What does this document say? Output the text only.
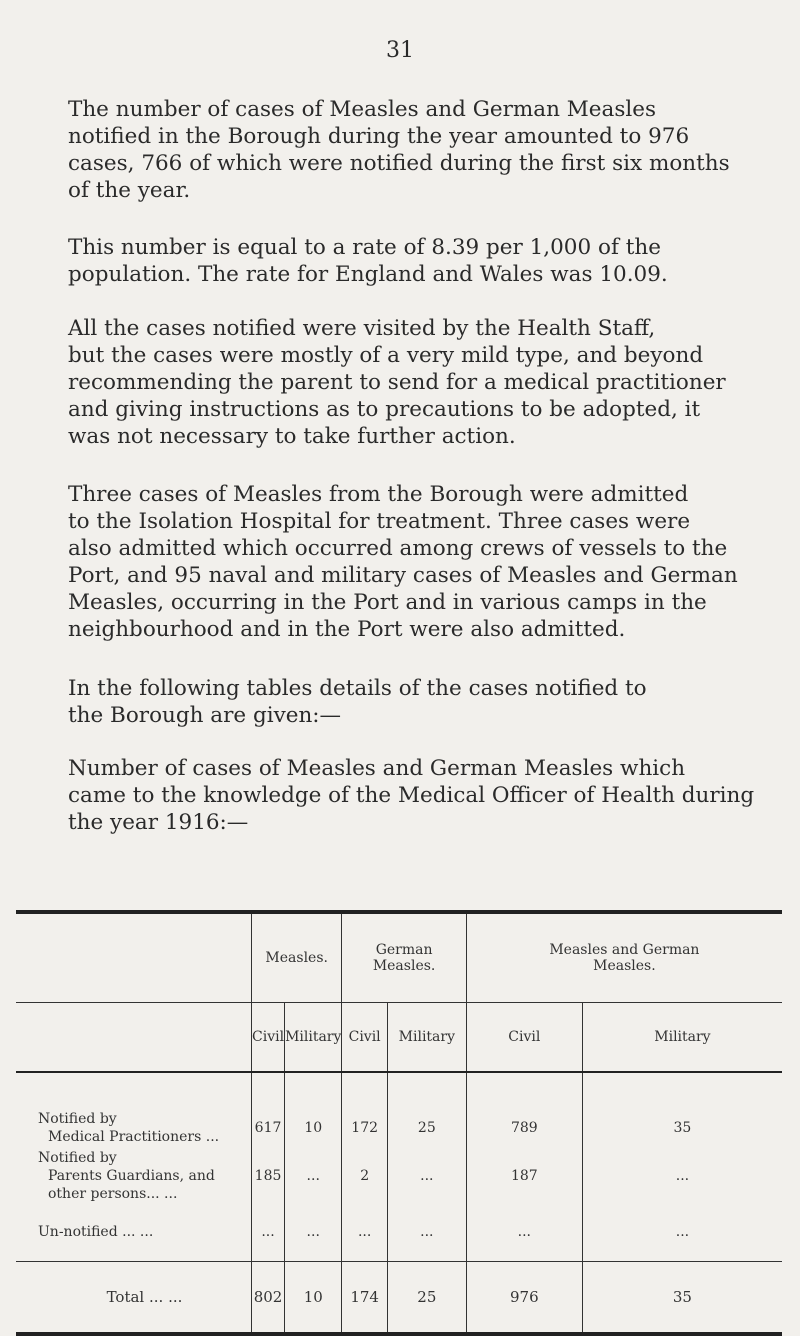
31

The number of cases of Measles and German Measles
notified in the Borough during the year amounted to 976
cases, 766 of which were notified during the first six months
of the year.

This number is equal to a rate of 8.39 per 1,000 of the
population. The rate for England and Wales was 10.09.

All the cases notified were visited by the Health Staff,
but the cases were mostly of a very mild type, and beyond
recommending the parent to send for a medical practitioner
and giving instructions as to precautions to be adopted, it
was not necessary to take further action.

Three cases of Measles from the Borough were admitted
to the Isolation Hospital for treatment. Three cases were
also admitted which occurred among crews of vessels to the
Port, and 95 naval and military cases of Measles and German
Measles, occurring in the Port and in various camps in the
neighbourhood and in the Port were also admitted.

In the following tables details of the cases notified to
the Borough are given:—

Number of cases of Measles and German Measles which
came to the knowledge of the Medical Officer of Health during
the year 1916:—

	Measles.		German Measles.		Measles and German Measles.	
	Civil	Military	Civil	Military	Civil	Military
Notified by
Medical Practitioners ...	617	10	172	25	789	35
Notified by
Parents Guardians, and
other persons... ...	185	...	2	...	187	...
Un-notified ... ...	...	...	...	...	...	...
Total ... ...	802	10	174	25	976	35
